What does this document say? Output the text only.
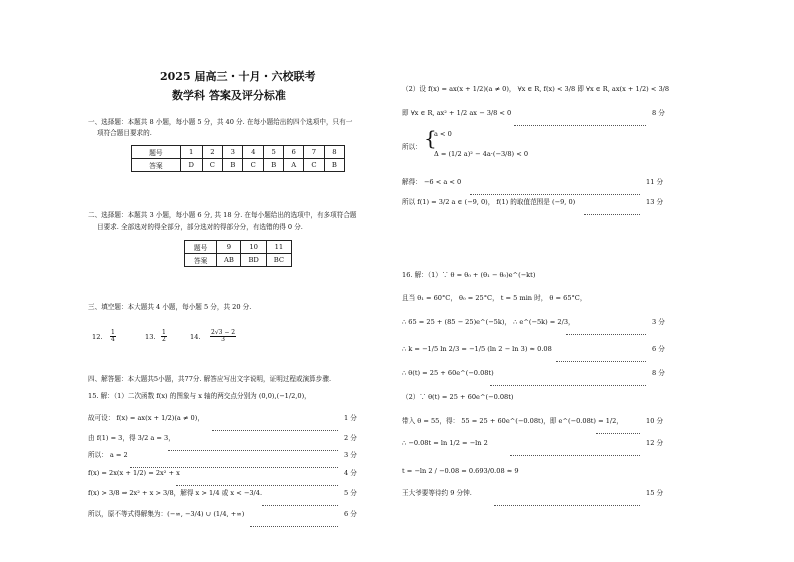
2025 届高三・十月・六校联考
数学科 答案及评分标准
一、选择题：本题共 8 小题，每小题 5 分，共 40 分. 在每小题给出的四个选项中，只有一
项符合题目要求的.
题号	1	2	3	4	5	6	7	8
答案	D	C	B	C	B	A	C	B
二、选择题：本题共 3 小题，每小题 6 分, 共 18 分. 在每小题给出的选项中，有多项符合题
目要求. 全部选对的得全部分，部分选对的得部分分，有选错的得 0 分.
题号	9	10	11
答案	AB	BD	BC
三、填空题：本大题共 4 小题，每小题 5 分，共 20 分.
12. $\frac{1}{4}$	13. $\frac{1}{2}$	14. $\frac{2√3 - 2}{3}$
四、解答题：本大题共5小题，共77分. 解答应写出文字说明，证明过程或演算步骤.
15. 解：（1）二次函数 f(x) 的图象与 x 轴的两交点分别为 (0,0),(−1/2,0)，
故可设： f(x) = ax(x + 1/2)(a ≠ 0)，	1 分
由 f(1) = 3，得 3/2 a = 3，	2 分
所以： a = 2	3 分
f(x) = 2x(x + 1/2) = 2x² + x	4 分
f(x) > 3/8 ⇒ 2x² + x > 3/8，解得 x > 1/4 或 x < −3/4.	5 分
所以，原不等式得解集为：(−∞, −3/4) ∪ (1/4, +∞)	6 分
（2）设 f(x) = ax(x + 1/2)(a ≠ 0)， ∀x ∈ R, f(x) < 3/8 即 ∀x ∈ R, ax(x + 1/2) < 3/8
即 ∀x ∈ R, ax² + 1/2 ax − 3/8 < 0	8 分
所以： {
a < 0
Δ = (1/2 a)² − 4a·(−3/8) < 0
解得： −6 < a < 0	11 分
所以 f(1) = 3/2 a ∈ (−9, 0)， f(1) 的取值范围是 (−9, 0)	13 分
16. 解：（1）∵ θ = θ₀ + (θ₁ − θ₀)e^(−kt)
且当 θ₁ = 60°C， θ₀ = 25°C， t = 5 min 时， θ = 65°C，
∴ 65 = 25 + (85 − 25)e^(−5k)， ∴ e^(−5k) = 2/3，	3 分
∴ k = −1/5 ln 2/3 = −1/5 (ln 2 − ln 3) ≈ 0.08	6 分
∴ θ(t) = 25 + 60e^(−0.08t)	8 分
（2）∵ θ(t) = 25 + 60e^(−0.08t)
带入 θ = 55，得： 55 = 25 + 60e^(−0.08t)，即 e^(−0.08t) = 1/2，	10 分
∴ −0.08t = ln 1/2 = −ln 2	12 分
t = −ln 2 / −0.08 = 0.693/0.08 ≈ 9
王大爷要等待约 9 分钟.	15 分
